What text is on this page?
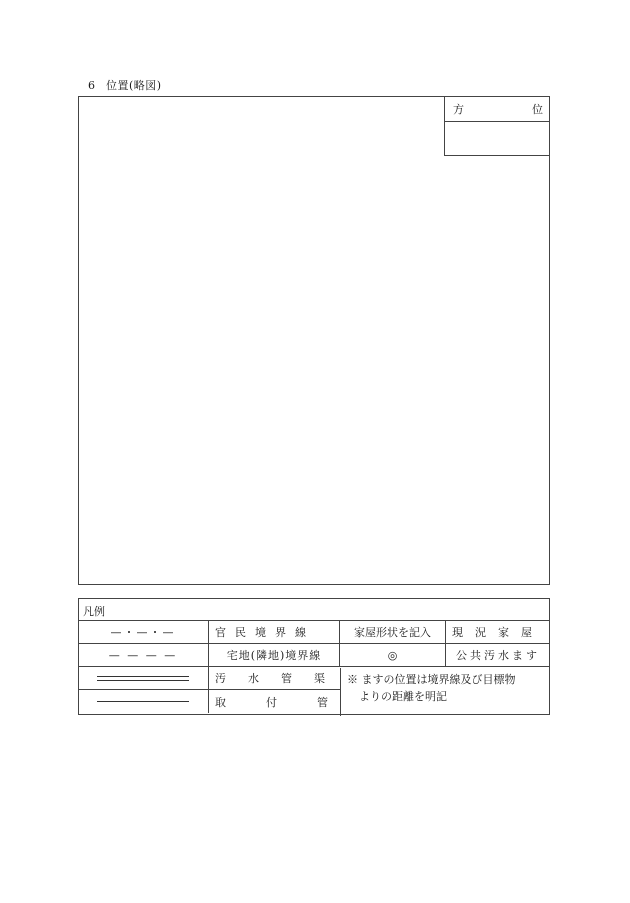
6 位置(略図)
方	位
凡例
—・—・—	官民境界線	家屋形状を記入	現況家屋
— — — —	宅地(隣地)境界線	◎	公共汚水ます
汚水管渠
取付管
※ ますの位置は境界線及び目標物
よりの距離を明記
